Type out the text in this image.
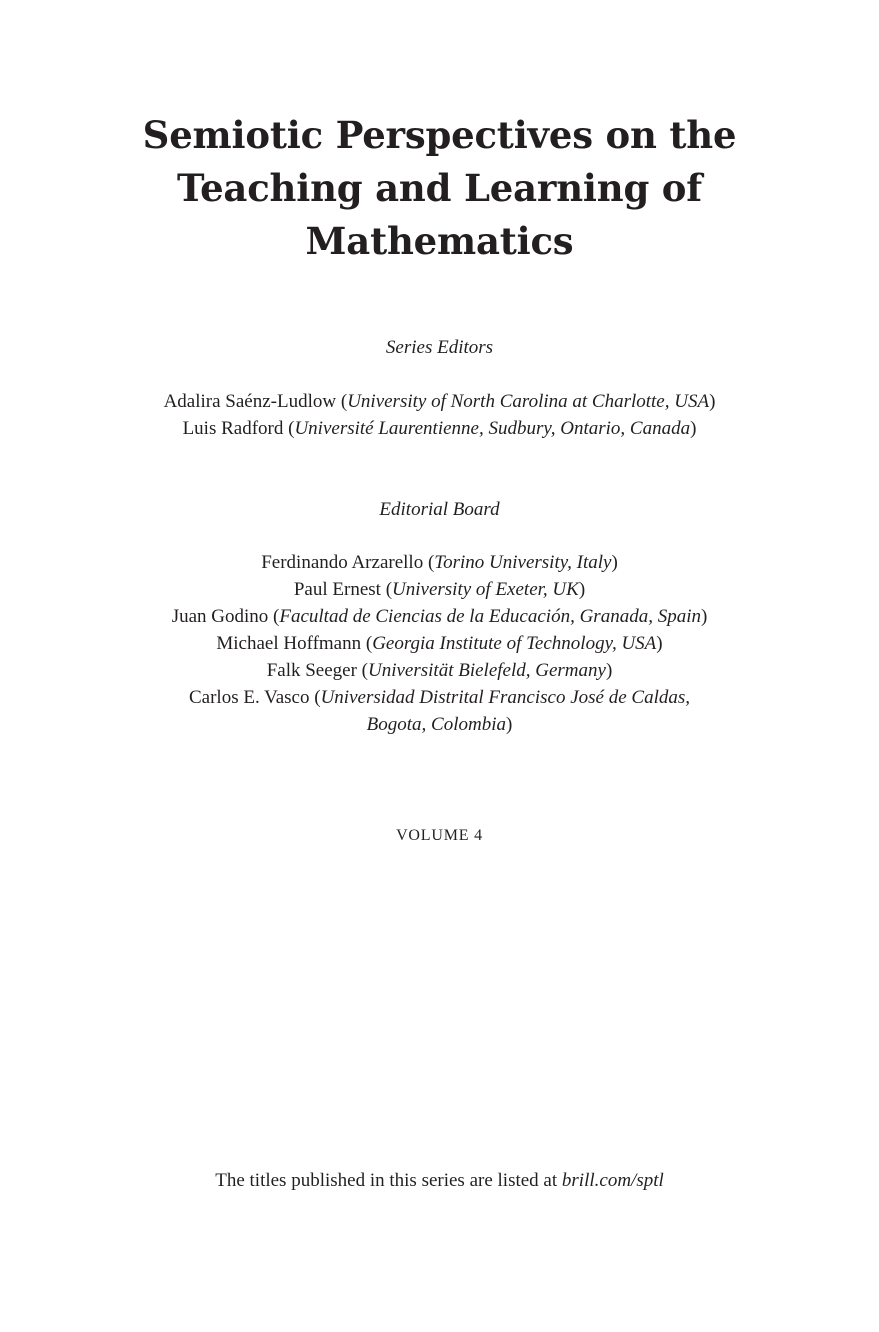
Semiotic Perspectives on the
Teaching and Learning of
Mathematics
Series Editors
Adalira Saénz-Ludlow (University of North Carolina at Charlotte, USA)
Luis Radford (Université Laurentienne, Sudbury, Ontario, Canada)
Editorial Board
Ferdinando Arzarello (Torino University, Italy)
Paul Ernest (University of Exeter, UK)
Juan Godino (Facultad de Ciencias de la Educación, Granada, Spain)
Michael Hoffmann (Georgia Institute of Technology, USA)
Falk Seeger (Universität Bielefeld, Germany)
Carlos E. Vasco (Universidad Distrital Francisco José de Caldas,
Bogota, Colombia)
VOLUME 4
The titles published in this series are listed at brill.com/sptl
